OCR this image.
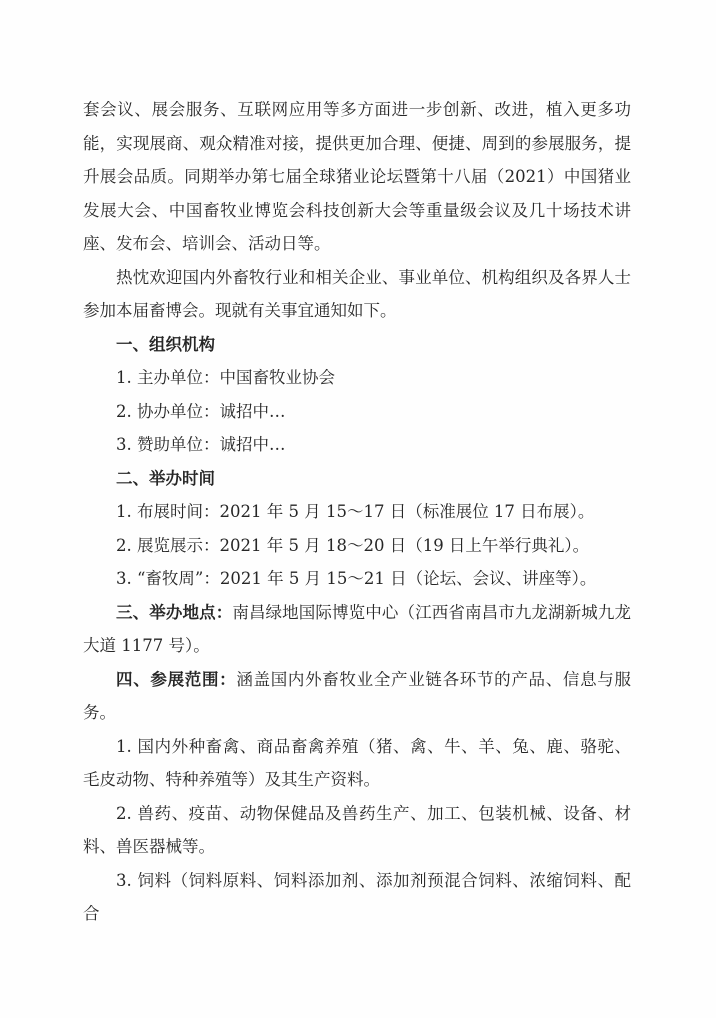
套会议、展会服务、互联网应用等多方面进一步创新、改进，植入更多功能，实现展商、观众精准对接，提供更加合理、便捷、周到的参展服务，提升展会品质。同期举办第七届全球猪业论坛暨第十八届（2021）中国猪业发展大会、中国畜牧业博览会科技创新大会等重量级会议及几十场技术讲座、发布会、培训会、活动日等。

热忱欢迎国内外畜牧行业和相关企业、事业单位、机构组织及各界人士参加本届畜博会。现就有关事宜通知如下。

一、组织机构

1. 主办单位：中国畜牧业协会

2. 协办单位：诚招中…

3. 赞助单位：诚招中…

二、举办时间

1. 布展时间：2021 年 5 月 15～17 日（标准展位 17 日布展）。

2. 展览展示：2021 年 5 月 18～20 日（19 日上午举行典礼）。

3. “畜牧周”：2021 年 5 月 15～21 日（论坛、会议、讲座等）。

三、举办地点：南昌绿地国际博览中心（江西省南昌市九龙湖新城九龙大道 1177 号）。

四、参展范围：涵盖国内外畜牧业全产业链各环节的产品、信息与服务。

1. 国内外种畜禽、商品畜禽养殖（猪、禽、牛、羊、兔、鹿、骆驼、毛皮动物、特种养殖等）及其生产资料。

2. 兽药、疫苗、动物保健品及兽药生产、加工、包装机械、设备、材料、兽医器械等。

3. 饲料（饲料原料、饲料添加剂、添加剂预混合饲料、浓缩饲料、配合
